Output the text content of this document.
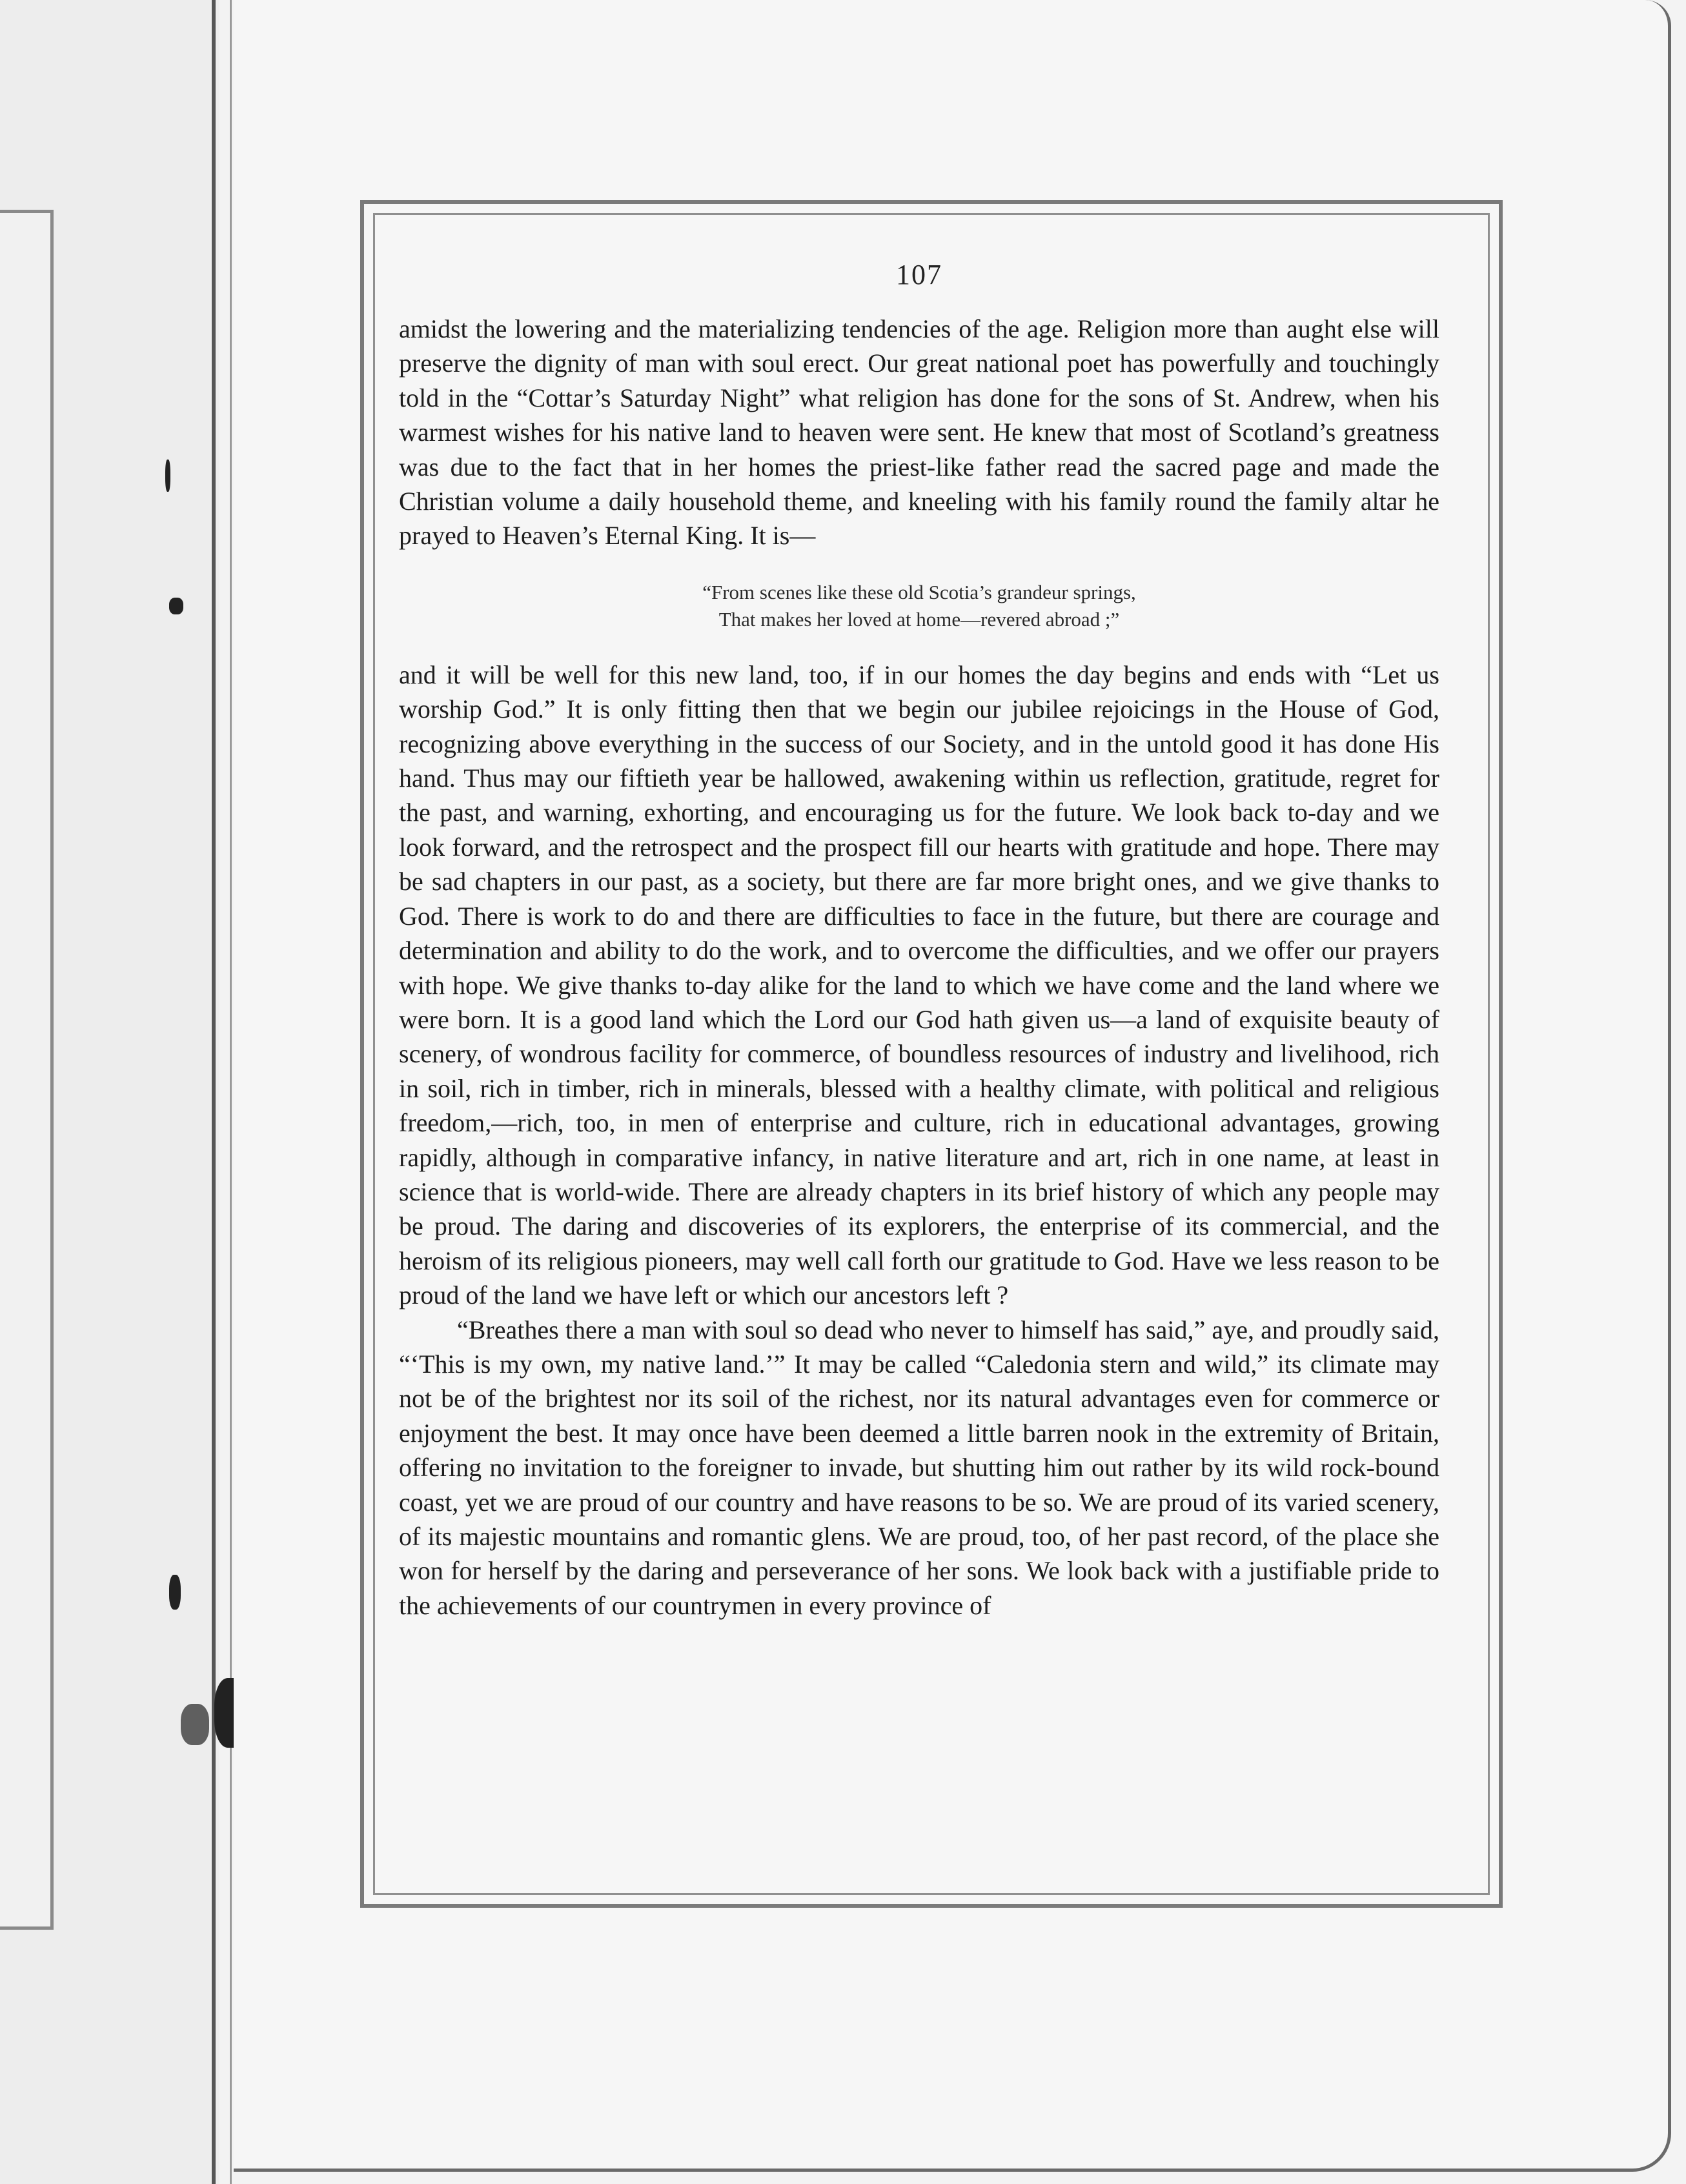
107

amidst the lowering and the materializing tendencies of the age. Religion more than aught else will preserve the dignity of man with soul erect. Our great national poet has powerfully and touchingly told in the “Cottar’s Saturday Night” what religion has done for the sons of St. Andrew, when his warmest wishes for his native land to heaven were sent. He knew that most of Scotland’s greatness was due to the fact that in her homes the priest-like father read the sacred page and made the Christian volume a daily household theme, and kneeling with his family round the family altar he prayed to Heaven’s Eternal King. It is—

“From scenes like these old Scotia’s grandeur springs,
That makes her loved at home—revered abroad ;”

and it will be well for this new land, too, if in our homes the day begins and ends with “Let us worship God.” It is only fitting then that we begin our jubilee rejoicings in the House of God, recognizing above everything in the success of our Society, and in the untold good it has done His hand. Thus may our fiftieth year be hallowed, awakening within us reflection, gratitude, regret for the past, and warning, exhorting, and encouraging us for the future. We look back to-day and we look forward, and the retrospect and the prospect fill our hearts with gratitude and hope. There may be sad chapters in our past, as a society, but there are far more bright ones, and we give thanks to God. There is work to do and there are difficulties to face in the future, but there are courage and determination and ability to do the work, and to overcome the difficulties, and we offer our prayers with hope. We give thanks to-day alike for the land to which we have come and the land where we were born. It is a good land which the Lord our God hath given us—a land of exquisite beauty of scenery, of wondrous facility for commerce, of boundless resources of industry and livelihood, rich in soil, rich in timber, rich in minerals, blessed with a healthy climate, with political and religious freedom,—rich, too, in men of enterprise and culture, rich in educational advantages, growing rapidly, although in comparative infancy, in native literature and art, rich in one name, at least in science that is world-wide. There are already chapters in its brief history of which any people may be proud. The daring and discoveries of its explorers, the enterprise of its commercial, and the heroism of its religious pioneers, may well call forth our gratitude to God. Have we less reason to be proud of the land we have left or which our ancestors left ?

“Breathes there a man with soul so dead who never to himself has said,” aye, and proudly said, “‘This is my own, my native land.’” It may be called “Caledonia stern and wild,” its climate may not be of the brightest nor its soil of the richest, nor its natural advantages even for commerce or enjoyment the best. It may once have been deemed a little barren nook in the extremity of Britain, offering no invitation to the foreigner to invade, but shutting him out rather by its wild rock-bound coast, yet we are proud of our country and have reasons to be so. We are proud of its varied scenery, of its majestic mountains and romantic glens. We are proud, too, of her past record, of the place she won for herself by the daring and perseverance of her sons. We look back with a justifiable pride to the achievements of our countrymen in every province of
